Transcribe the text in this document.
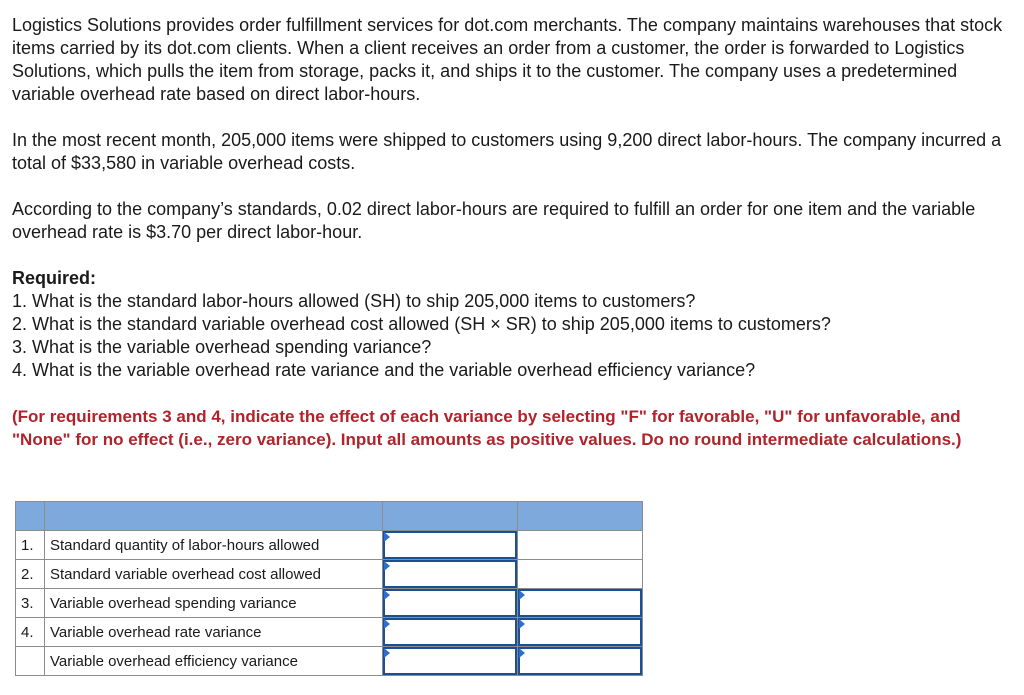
Logistics Solutions provides order fulfillment services for dot.com merchants. The company maintains warehouses that stock items carried by its dot.com clients. When a client receives an order from a customer, the order is forwarded to Logistics Solutions, which pulls the item from storage, packs it, and ships it to the customer. The company uses a predetermined variable overhead rate based on direct labor-hours.

In the most recent month, 205,000 items were shipped to customers using 9,200 direct labor-hours. The company incurred a total of $33,580 in variable overhead costs.

According to the company’s standards, 0.02 direct labor-hours are required to fulfill an order for one item and the variable overhead rate is $3.70 per direct labor-hour.

Required:

1. What is the standard labor-hours allowed (SH) to ship 205,000 items to customers?
2. What is the standard variable overhead cost allowed (SH × SR) to ship 205,000 items to customers?
3. What is the variable overhead spending variance?
4. What is the variable overhead rate variance and the variable overhead efficiency variance?

(For requirements 3 and 4, indicate the effect of each variance by selecting "F" for favorable, "U" for unfavorable, and "None" for no effect (i.e., zero variance). Input all amounts as positive values. Do no round intermediate calculations.)

1.	Standard quantity of labor-hours allowed	

2.	Standard variable overhead cost allowed	

3.	Variable overhead spending variance	

4.	Variable overhead rate variance	

	Variable overhead efficiency variance	
